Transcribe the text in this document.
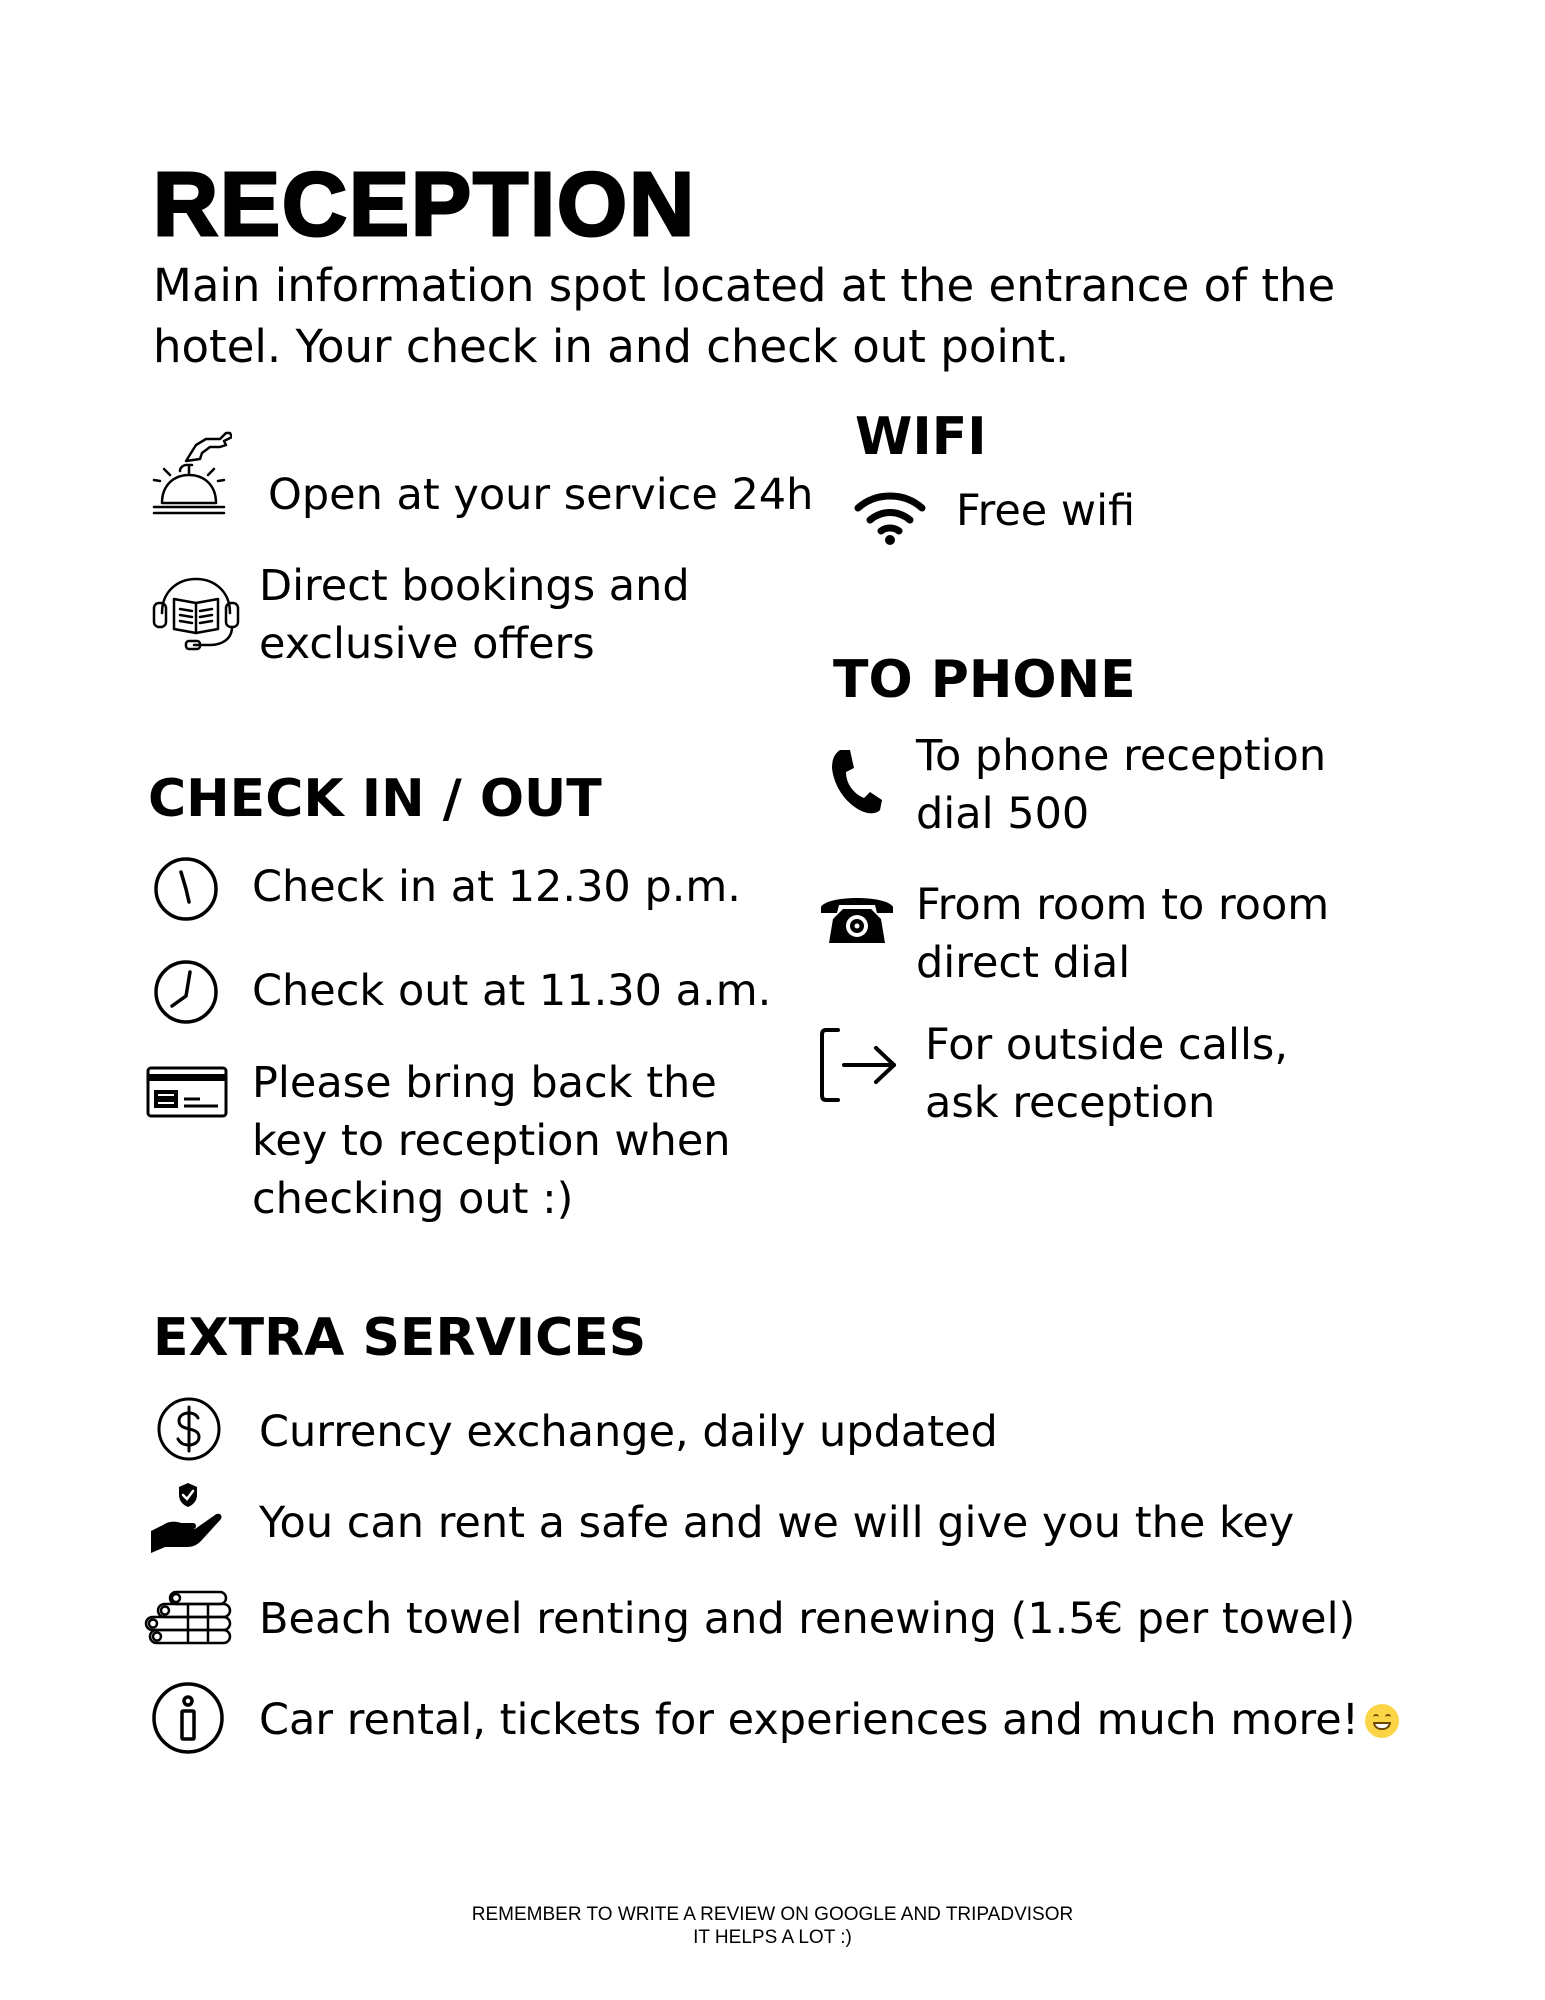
RECEPTION
Main information spot located at the entrance of the hotel. Your check in and check out point.
Open at your service 24h
Direct bookings and exclusive offers
WIFI
Free wifi
TO PHONE
To phone reception dial 500
From room to room direct dial
For outside calls, ask reception
CHECK IN / OUT
Check in at 12.30 p.m.
Check out at 11.30 a.m.
Please bring back the key to reception when checking out :)
EXTRA SERVICES
Currency exchange, daily updated
You can rent a safe and we will give you the key
Beach towel renting and renewing (1.5€ per towel)
Car rental, tickets for experiences and much more!
REMEMBER TO WRITE A REVIEW ON GOOGLE AND TRIPADVISOR
IT HELPS A LOT :)
